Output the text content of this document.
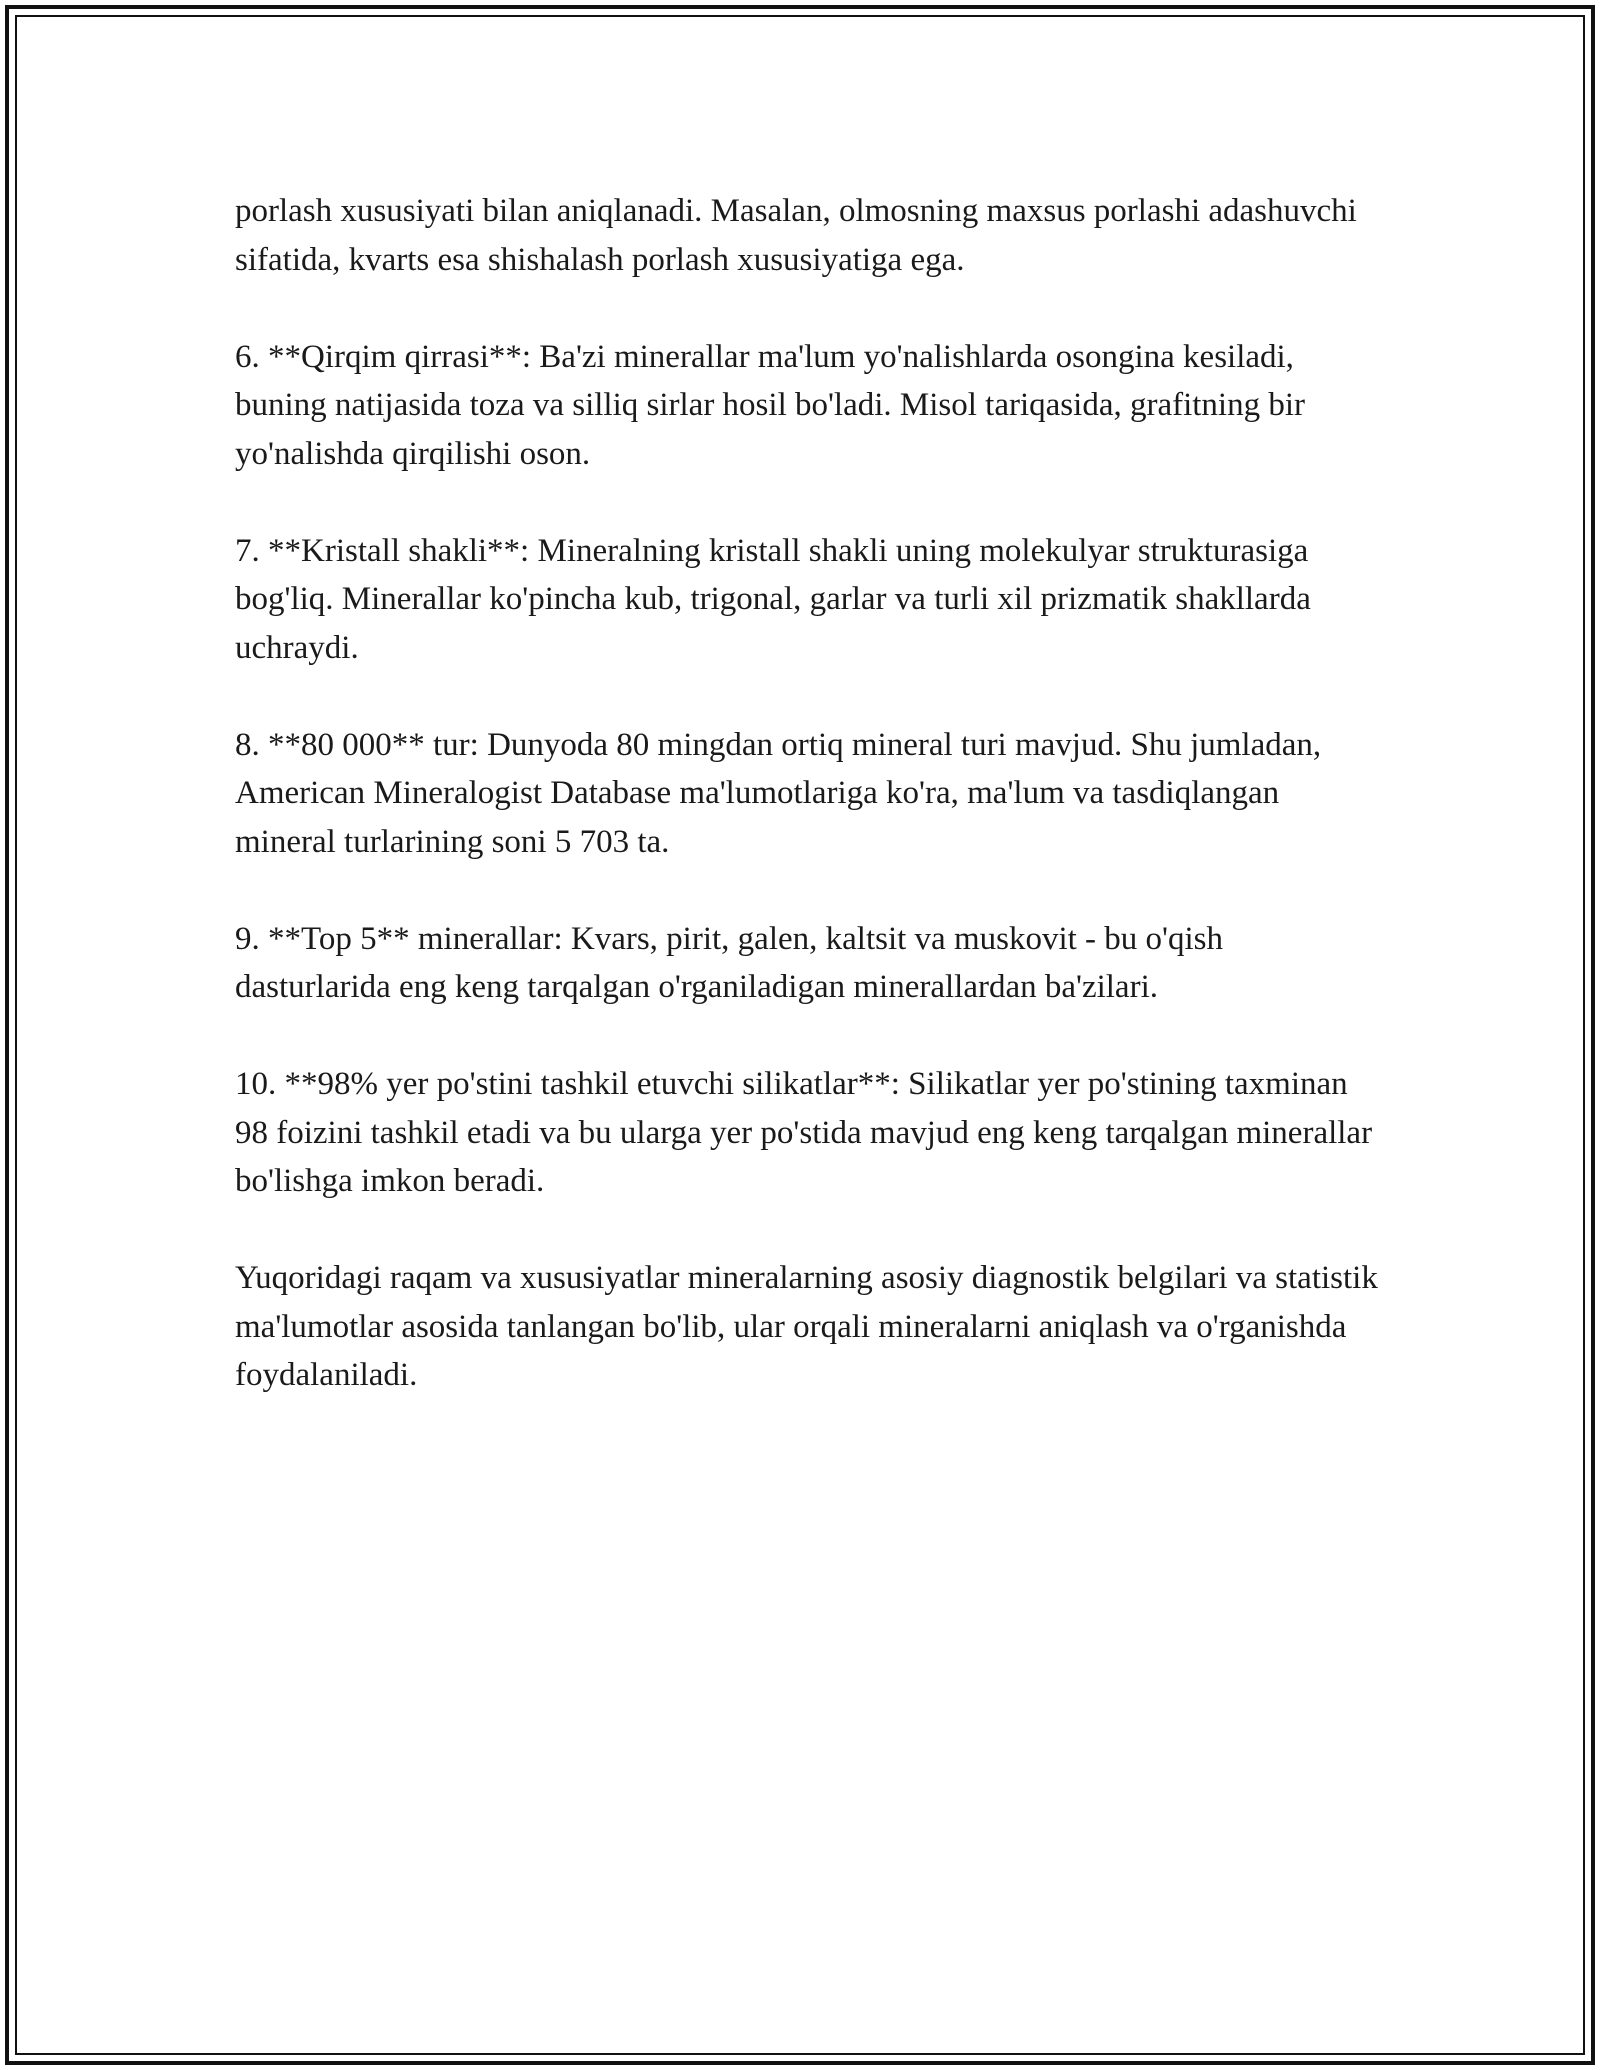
porlash xususiyati bilan aniqlanadi. Masalan, olmosning maxsus porlashi adashuvchi sifatida, kvarts esa shishalash porlash xususiyatiga ega.

6. **Qirqim qirrasi**: Ba'zi minerallar ma'lum yo'nalishlarda osongina kesiladi, buning natijasida toza va silliq sirlar hosil bo'ladi. Misol tariqasida, grafitning bir yo'nalishda qirqilishi oson.

7. **Kristall shakli**: Mineralning kristall shakli uning molekulyar strukturasiga bog'liq. Minerallar ko'pincha kub, trigonal, garlar va turli xil prizmatik shakllarda uchraydi.

8. **80 000** tur: Dunyoda 80 mingdan ortiq mineral turi mavjud. Shu jumladan, American Mineralogist Database ma'lumotlariga ko'ra, ma'lum va tasdiqlangan mineral turlarining soni 5 703 ta.

9. **Top 5** minerallar: Kvars, pirit, galen, kaltsit va muskovit - bu o'qish dasturlarida eng keng tarqalgan o'rganiladigan minerallardan ba'zilari.

10. **98% yer po'stini tashkil etuvchi silikatlar**: Silikatlar yer po'stining taxminan 98 foizini tashkil etadi va bu ularga yer po'stida mavjud eng keng tarqalgan minerallar bo'lishga imkon beradi.

Yuqoridagi raqam va xususiyatlar mineralarning asosiy diagnostik belgilari va statistik ma'lumotlar asosida tanlangan bo'lib, ular orqali mineralarni aniqlash va o'rganishda foydalaniladi.
